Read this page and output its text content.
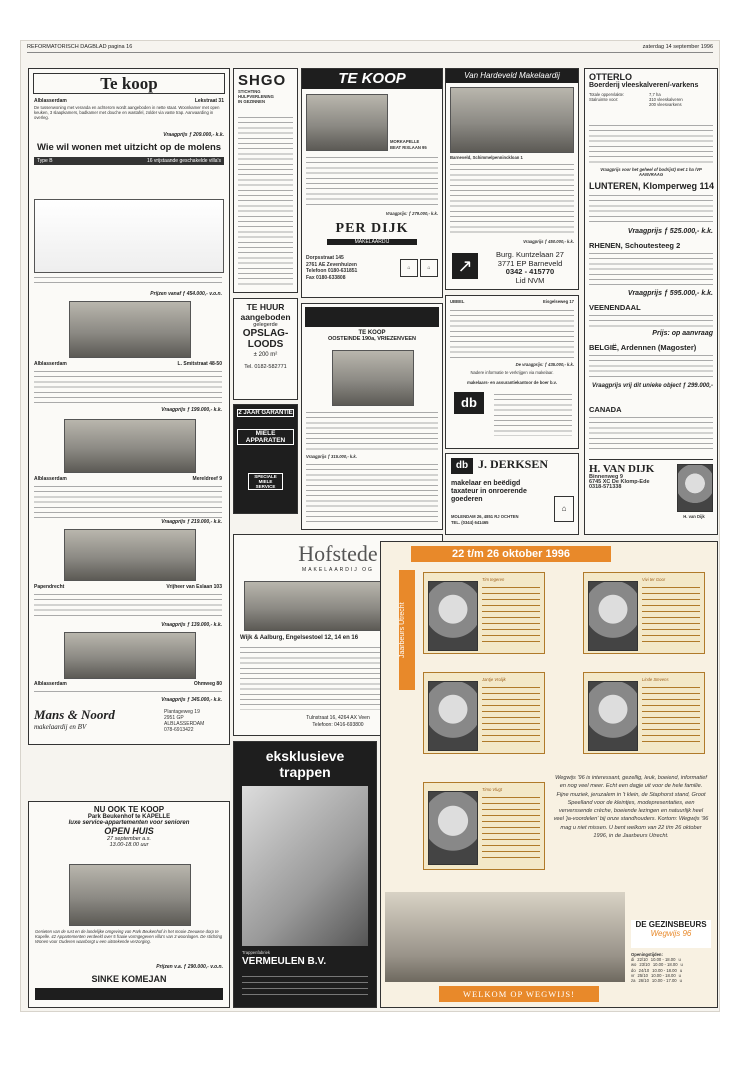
REFORMATORISCH DAGBLAD pagina 16	zaterdag 14 september 1996
Te koop
Alblasserdam	Lekstraat 31
De tussenwoning met veranda en achterom wordt aangeboden in nette staat. Woonkamer met open keuken, 3 slaapkamers, badkamer met douche en wastafel, zolder via vaste trap. Aanvaarding in overleg.
Vraagprijs ƒ 209.000,- k.k.
Wie wil wonen met uitzicht op de molens
Type B	16 vrijstaande geschakelde villa's
Prijzen vanaf ƒ 454.000,- v.o.n.
Alblasserdam	L. Smitstraat 48-50
Vraagprijs ƒ 199.000,- k.k.
Alblasserdam	Mereldreef 9
Vraagprijs ƒ 219.000,- k.k.
Papendrecht	Vrijheer van Eslaan 103
Vraagprijs ƒ 139.000,- k.k.
Alblasserdam	Ohmweg 80
Vraagprijs ƒ 345.000,- k.k.
Mans & Noord
makelaardij en BV
Plantageweg 19
2951 GP
ALBLASSERDAM
078-6913422
NU OOK TE KOOP
Park Beukenhof te KAPELLE
luxe service-appartementen voor senioren
OPEN HUIS
27 september a.s.
13.00-18.00 uur
Genieten van de rust en de landelijke omgeving van Park Beukenhof in het mooie Zeeuwse dorp te Kapelle. 42 Appartementen verdeeld over 5 fraaie vormgegeven villa's van 3 woonlagen. De stichting Wonen voor Ouderen waarborgt u een uitstekende verzorging.
Prijzen v.a. ƒ 290.000,- v.o.n.
SINKE KOMEJAN
SHGO
STICHTING
HULPVERLENING
IN GEZINNEN
TE HUUR
aangeboden
gelegerde
OPSLAG-
LOODS
± 200 m²
Tel. 0182-582771
2 JAAR GARANTIE
MIELE APPARATEN
SPECIALE MIELE SERVICE
TE KOOP
MORKAPELLE
BEAT RIXLAAN 95
Vraagprijs: ƒ 279.000,- k.k.
PER DIJK
MAKELAARDIJ
Dorpsstraat 145
2761 AE Zevenhuizen
Telefoon 0180-631851
Fax 0180-633808
⌂	⌂
TE KOOP
OOSTEINDE 190a, VRIEZENVEEN
Vraagprijs ƒ 315.000,- k.k.
Hofstede
MAKELAARDIJ OG
Wijk & Aalburg, Engelsestoel 12, 14 en 16
Tulnstraat 16, 4264 AX Veen
Telefoon: 0416-693800
eksklusieve
trappen
Trappenfabriek
VERMEULEN B.V.
Van Hardeveld Makelaardij
Barneveld, Schimmelpenninckloan 1
Vraagprijs ƒ 450.000,- k.k.
↗
Burg. Kuntzelaan 27
3771 EP Barneveld
0342 - 415770
Lid NVM
UBBEL	Eisgelseweg 17
De vraagprijs: ƒ 435.000,- k.k.
Nadere informatie te verkrijgen via makelaar.
makelaars- en assurantiekantoor de boer b.v.
db
db J. DERKSEN
makelaar en beëdigd taxateur in onroerende goederen
MOLENDAM 26, 4851 RJ OCHTEN
TEL. (0344) 641465
⌂
OTTERLO
Boerderij vleeskalveren/-varkens
Totale oppervlakte:	7,7 ha
Stalruimte voor:	310 vleeskalveren
200 vleesvarkens
Vraagprijs voor het geheel of bodrijst) met 1 ha /VP AANVRAAG
LUNTEREN, Klomperweg 114
Vraagprijs ƒ 525.000,- k.k.
RHENEN, Schoutesteeg 2
Vraagprijs ƒ 595.000,- k.k.
VEENENDAAL
Prijs: op aanvraag
BELGIË, Ardennen (Magoster)
Vraagprijs vrij dit unieke object ƒ 299.000,-
CANADA
H. VAN DIJK
Binnenweg 9
6745 XC De Klomp-Ede
0318-571338
H. van Dijk
22 t/m 26 oktober 1996
Jaarbeurs Utrecht
Tim tegeren	Vivi ter Goor
Jantje Vrolijk	Linde Stevens
Timo Vlugt
Wegwijs '96 is interessant, gezellig, leuk, boeiend, informatief en nog veel meer. Echt een dagje uit voor de hele familie. Fijne muziek, jeruzalem in 't klein, de Staphorst stand, Groot Speelland voor de kleintjes, modepresentaties, een ververssende crèche, boeiende lezingen en natuurlijk heel veel 'ja-voordelen' bij onze standhouders. Kortom: Wegwijs '96 mag u niet missen. U bent welkom van 22 t/m 26 oktober 1996, in de Jaarbeurs Utrecht.
DE GEZINSBEURS
Wegwijs 96
Openingstijden:
di 22/10 10.00 - 18.00 u
wo 23/10 10.00 - 18.00 u
do 24/10 10.00 - 18.00 u
vr 25/10 10.00 - 18.00 u
za 26/10 10.00 - 17.00 u
WELKOM OP WEGWIJS!
